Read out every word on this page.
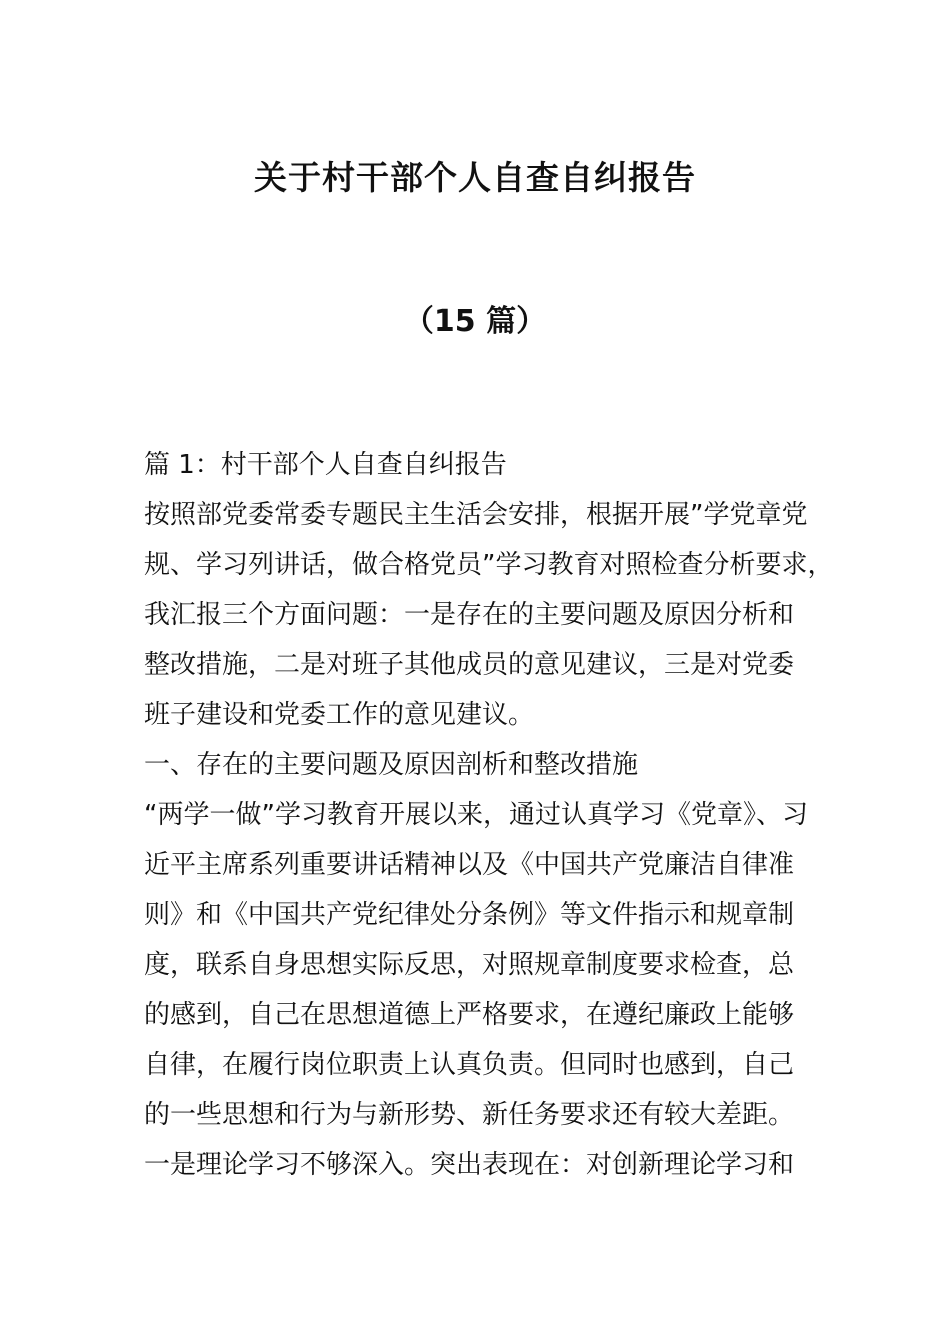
关于村干部个人自查自纠报告
（15 篇）

篇 1：村干部个人自查自纠报告

按照部党委常委专题民主生活会安排，根据开展”学党章党

规、学习列讲话，做合格党员”学习教育对照检查分析要求，

我汇报三个方面问题：一是存在的主要问题及原因分析和

整改措施，二是对班子其他成员的意见建议，三是对党委

班子建设和党委工作的意见建议。

一、存在的主要问题及原因剖析和整改措施

“两学一做”学习教育开展以来，通过认真学习《党章》、习

近平主席系列重要讲话精神以及《中国共产党廉洁自律准

则》和《中国共产党纪律处分条例》等文件指示和规章制

度，联系自身思想实际反思，对照规章制度要求检查，总

的感到，自己在思想道德上严格要求，在遵纪廉政上能够

自律，在履行岗位职责上认真负责。但同时也感到，自己

的一些思想和行为与新形势、新任务要求还有较大差距。

一是理论学习不够深入。突出表现在：对创新理论学习和
